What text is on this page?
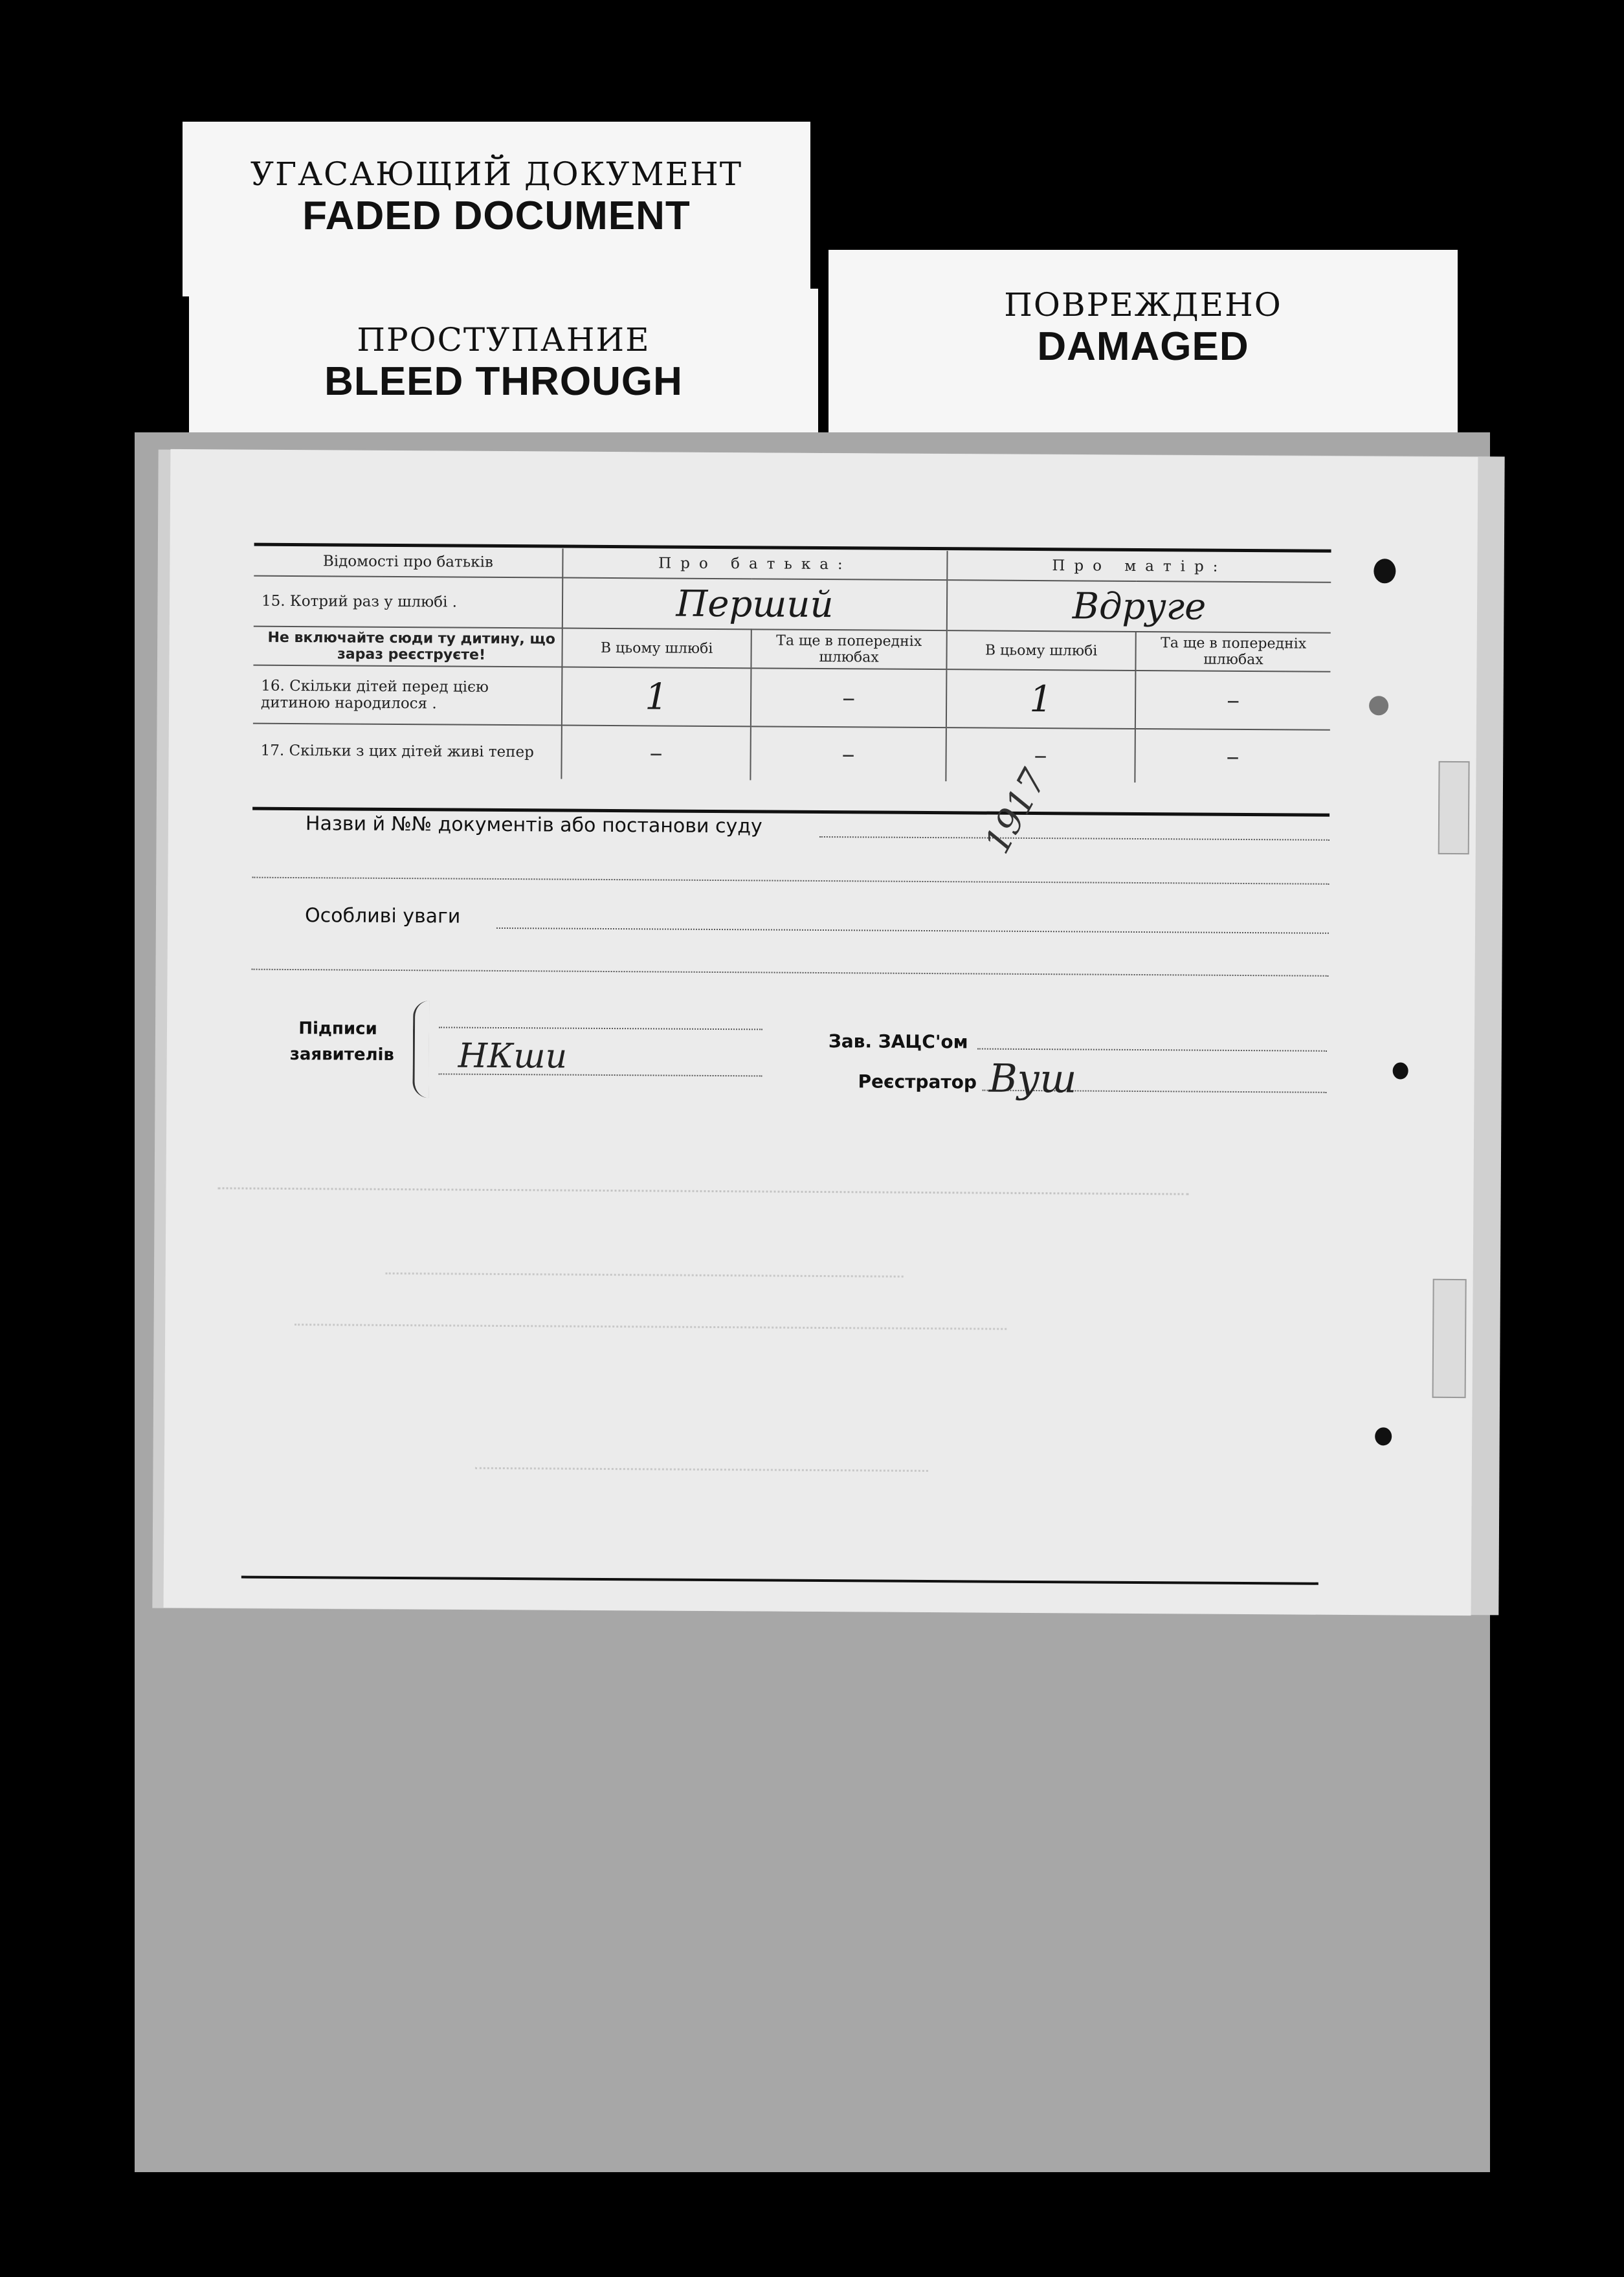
УГАСАЮЩИЙ ДОКУМЕНТ
FADED DOCUMENT
ПРОСТУПАНИЕ
BLEED THROUGH
ПОВРЕЖДЕНО
DAMAGED
Відомості про батьків	Про батька:		Про матір:	
15. Котрий раз у шлюбі .	Перший		Вдруге	
Не включайте сюди ту дитину, що зараз реєструєте!	В цьому шлюбі	Та ще в попередніх шлюбах	В цьому шлюбі	Та ще в попередніх шлюбах
16. Скільки дітей перед цією дитиною народилося .	1	–	1	–
17. Скільки з цих дітей живі тепер	–	–	–	–
Назви й №№ документів або постанови суду
Особливі уваги
Підписи заявителів НКши	Зав. ЗАЦС'ом
Реєстратор Вуш
1917
